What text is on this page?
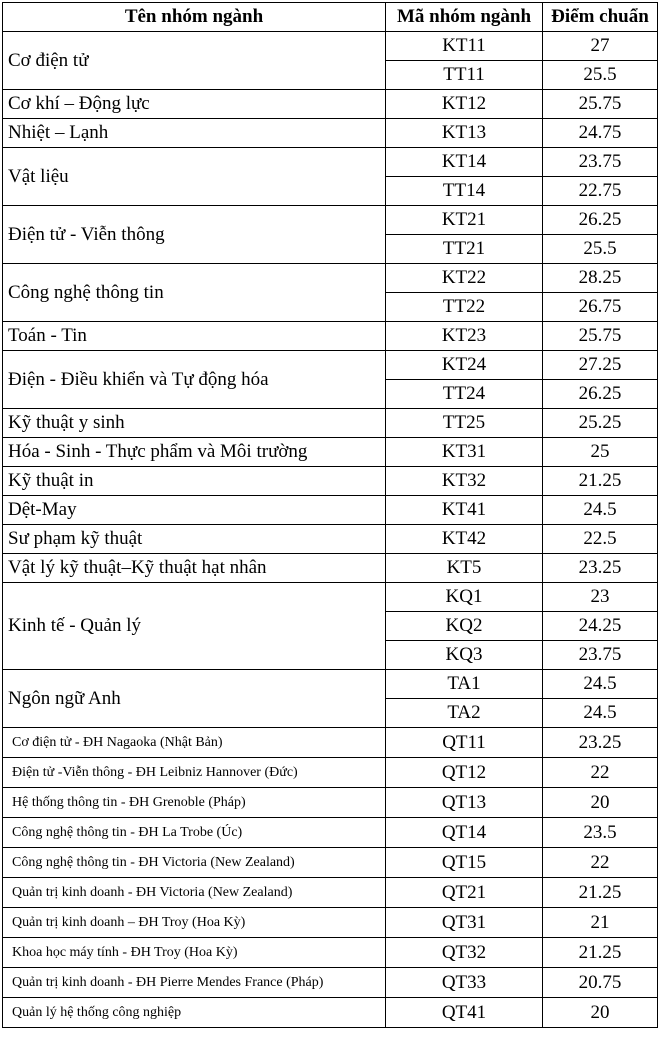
Tên nhóm ngành	Mã nhóm ngành	Điểm chuẩn
Cơ điện tử	KT11	27
	TT11	25.5
Cơ khí – Động lực	KT12	25.75
Nhiệt – Lạnh	KT13	24.75
Vật liệu	KT14	23.75
	TT14	22.75
Điện tử - Viễn thông	KT21	26.25
	TT21	25.5
Công nghệ thông tin	KT22	28.25
	TT22	26.75
Toán - Tin	KT23	25.75
Điện - Điều khiển và Tự động hóa	KT24	27.25
	TT24	26.25
Kỹ thuật y sinh	TT25	25.25
Hóa - Sinh - Thực phẩm và Môi trường	KT31	25
Kỹ thuật in	KT32	21.25
Dệt-May	KT41	24.5
Sư phạm kỹ thuật	KT42	22.5
Vật lý kỹ thuật–Kỹ thuật hạt nhân	KT5	23.25
Kinh tế - Quản lý	KQ1	23
	KQ2	24.25
	KQ3	23.75
Ngôn ngữ Anh	TA1	24.5
	TA2	24.5
Cơ điện tử - ĐH Nagaoka (Nhật Bản)	QT11	23.25
Điện tử -Viễn thông - ĐH Leibniz Hannover (Đức)	QT12	22
Hệ thống thông tin - ĐH Grenoble (Pháp)	QT13	20
Công nghệ thông tin - ĐH La Trobe (Úc)	QT14	23.5
Công nghệ thông tin - ĐH Victoria (New Zealand)	QT15	22
Quản trị kinh doanh - ĐH Victoria (New Zealand)	QT21	21.25
Quản trị kinh doanh – ĐH Troy (Hoa Kỳ)	QT31	21
Khoa học máy tính - ĐH Troy (Hoa Kỳ)	QT32	21.25
Quản trị kinh doanh - ĐH Pierre Mendes France (Pháp)	QT33	20.75
Quản lý hệ thống công nghiệp	QT41	20
